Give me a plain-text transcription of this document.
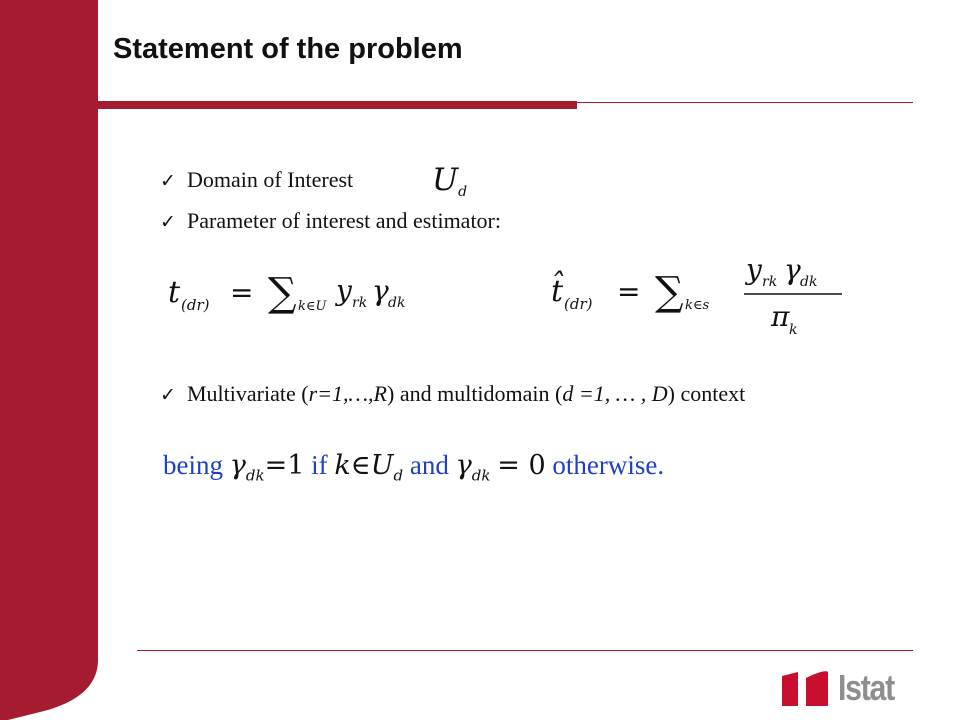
Statement of the problem
✓ Domain of Interest	$U_d$
✓ Parameter of interest and estimator:
t (dr) = ∑ k∈U y rk γ dk	t̂ (dr) = ∑ k∈s
y rk γ dk
π k
✓ Multivariate (r=1,…,R) and multidomain (d =1, … , D) context
being $\gamma_{dk}=1$ if $k\in U_d$ and $\gamma_{dk} = 0$ otherwise.
Istat
